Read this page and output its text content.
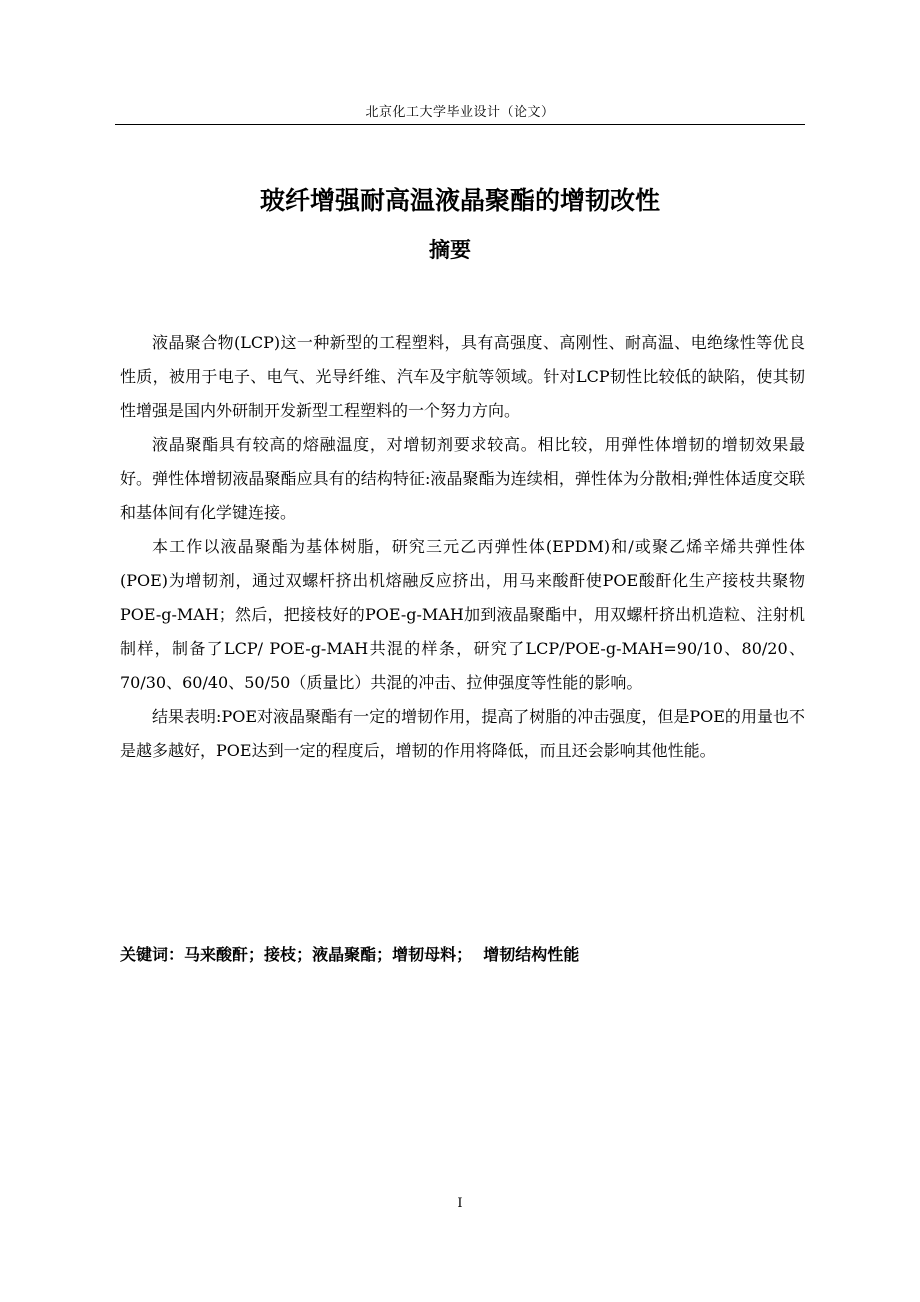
北京化工大学毕业设计（论文）
玻纤增强耐高温液晶聚酯的增韧改性
摘要

液晶聚合物(LCP)这一种新型的工程塑料，具有高强度、高刚性、耐高温、电绝缘性等优良性质，被用于电子、电气、光导纤维、汽车及宇航等领域。针对LCP韧性比较低的缺陷，使其韧性增强是国内外研制开发新型工程塑料的一个努力方向。

液晶聚酯具有较高的熔融温度，对增韧剂要求较高。相比较，用弹性体增韧的增韧效果最好。弹性体增韧液晶聚酯应具有的结构特征:液晶聚酯为连续相，弹性体为分散相;弹性体适度交联和基体间有化学键连接。

本工作以液晶聚酯为基体树脂，研究三元乙丙弹性体(EPDM)和/或聚乙烯辛烯共弹性体(POE)为增韧剂，通过双螺杆挤出机熔融反应挤出，用马来酸酐使POE酸酐化生产接枝共聚物POE-g-MAH；然后，把接枝好的POE-g-MAH加到液晶聚酯中，用双螺杆挤出机造粒、注射机制样，制备了LCP/ POE-g-MAH共混的样条，研究了LCP/POE-g-MAH=90/10、80/20、70/30、60/40、50/50（质量比）共混的冲击、拉伸强度等性能的影响。

结果表明:POE对液晶聚酯有一定的增韧作用，提高了树脂的冲击强度，但是POE的用量也不是越多越好，POE达到一定的程度后，增韧的作用将降低，而且还会影响其他性能。

关键词：马来酸酐；接枝；液晶聚酯；增韧母料；  增韧结构性能
I
